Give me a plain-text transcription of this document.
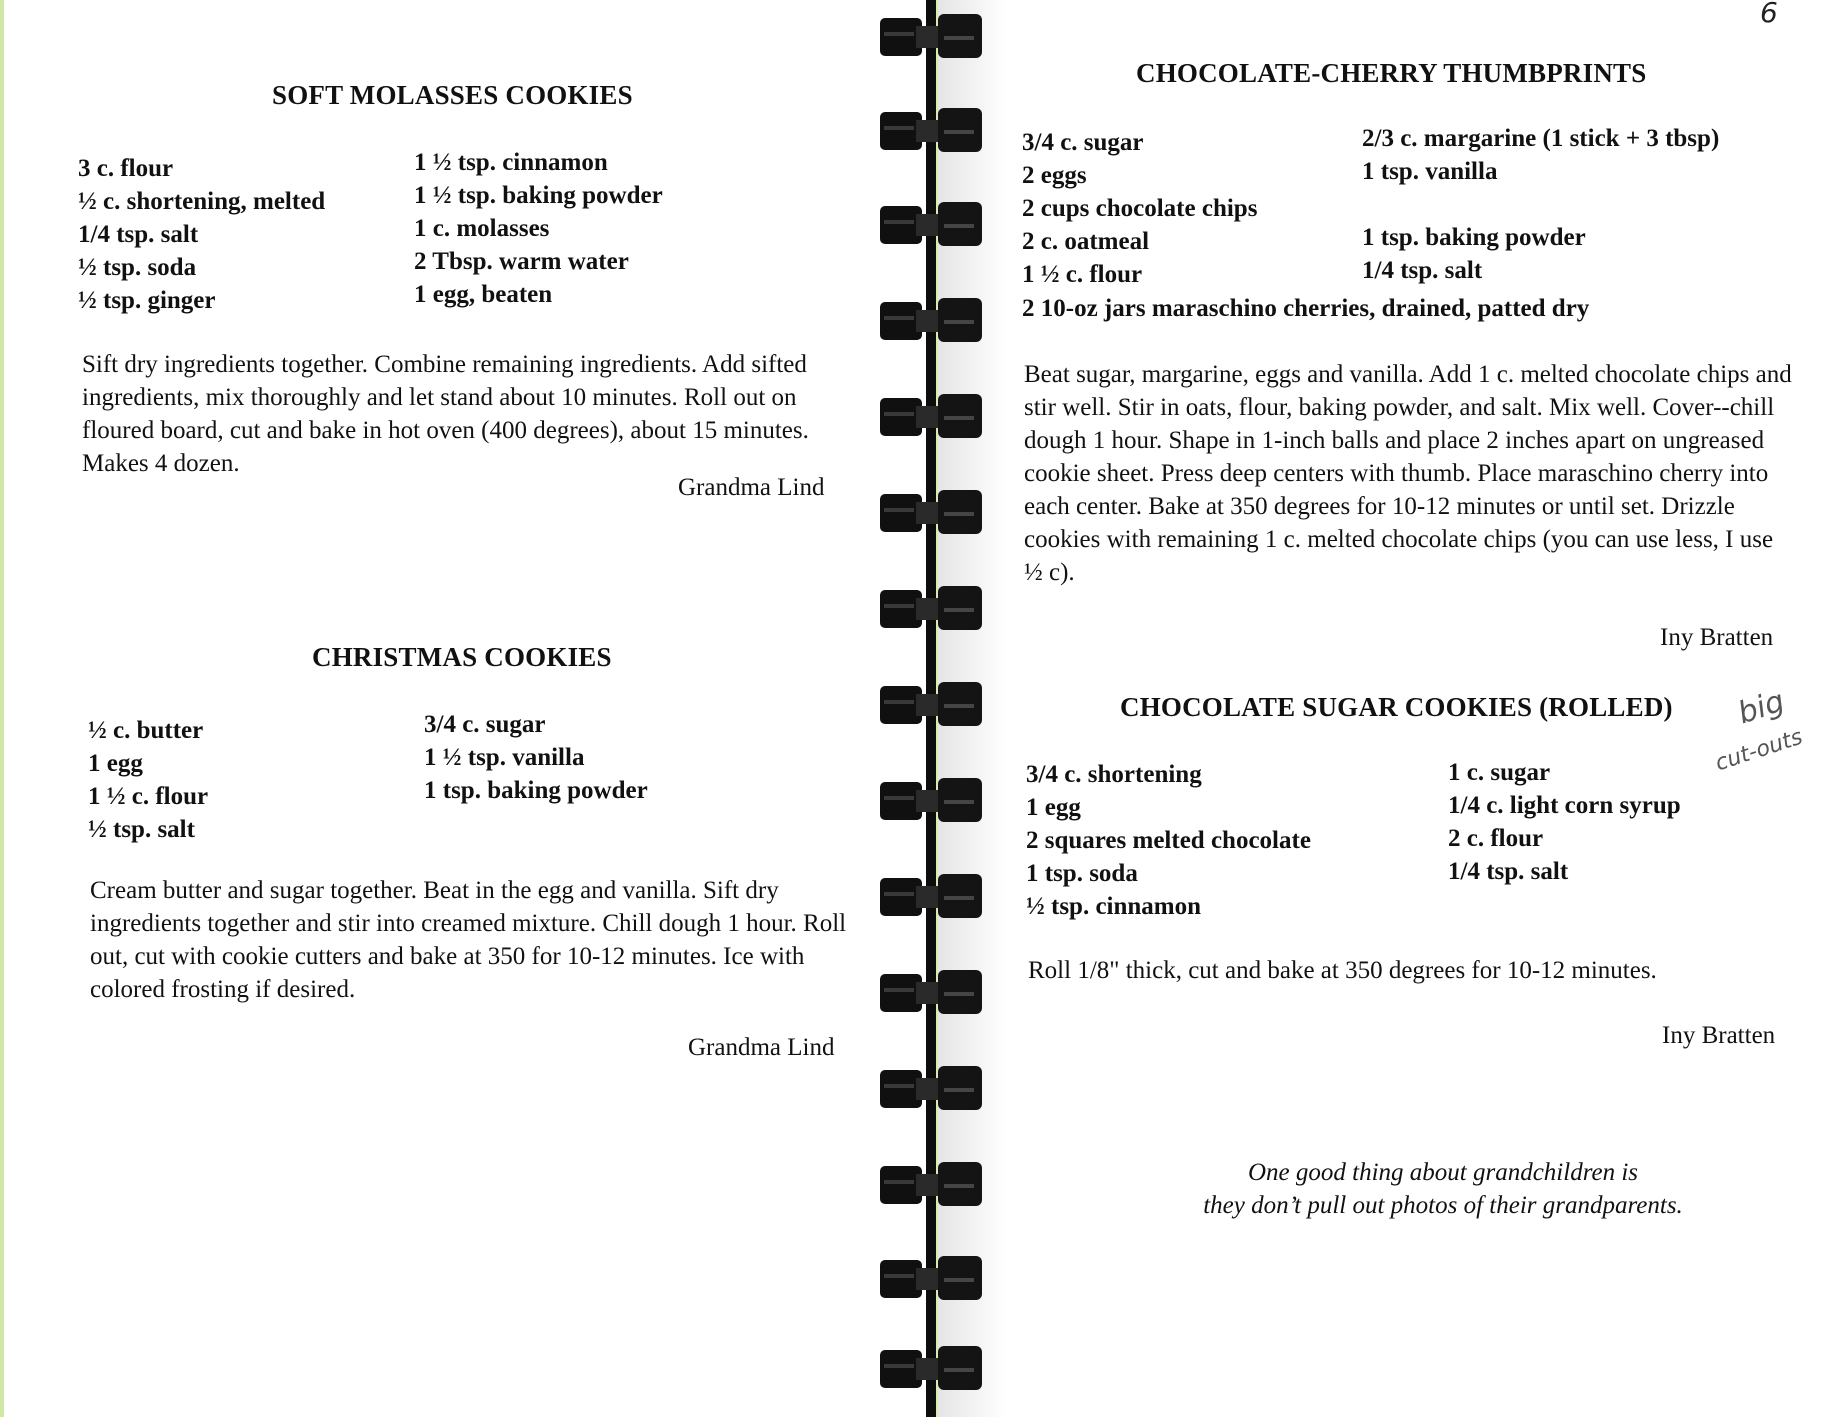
SOFT MOLASSES COOKIES
3 c. flour
½ c. shortening, melted
1/4 tsp. salt
½ tsp. soda
½ tsp. ginger
1 ½ tsp. cinnamon
1 ½ tsp. baking powder
1 c. molasses
2 Tbsp. warm water
1 egg, beaten
Sift dry ingredients together. Combine remaining ingredients. Add sifted ingredients, mix thoroughly and let stand about 10 minutes. Roll out on floured board, cut and bake in hot oven (400 degrees), about 15 minutes. Makes 4 dozen.
Grandma Lind
CHRISTMAS COOKIES
½ c. butter
1 egg
1 ½ c. flour
½ tsp. salt
3/4 c. sugar
1 ½ tsp. vanilla
1 tsp. baking powder
Cream butter and sugar together. Beat in the egg and vanilla. Sift dry ingredients together and stir into creamed mixture. Chill dough 1 hour. Roll out, cut with cookie cutters and bake at 350 for 10-12 minutes. Ice with colored frosting if desired.
Grandma Lind
6
CHOCOLATE-CHERRY THUMBPRINTS
3/4 c. sugar
2 eggs
2 cups chocolate chips
2 c. oatmeal
1 ½ c. flour
2/3 c. margarine (1 stick + 3 tbsp)
1 tsp. vanilla

1 tsp. baking powder
1/4 tsp. salt
2 10-oz jars maraschino cherries, drained, patted dry
Beat sugar, margarine, eggs and vanilla. Add 1 c. melted chocolate chips and stir well. Stir in oats, flour, baking powder, and salt. Mix well. Cover--chill dough 1 hour. Shape in 1-inch balls and place 2 inches apart on ungreased cookie sheet. Press deep centers with thumb. Place maraschino cherry into each center. Bake at 350 degrees for 10-12 minutes or until set. Drizzle cookies with remaining 1 c. melted chocolate chips (you can use less, I use ½ c).
Iny Bratten
CHOCOLATE SUGAR COOKIES (ROLLED) big
cut-outs
3/4 c. shortening
1 egg
2 squares melted chocolate
1 tsp. soda
½ tsp. cinnamon
1 c. sugar
1/4 c. light corn syrup
2 c. flour
1/4 tsp. salt
Roll 1/8" thick, cut and bake at 350 degrees for 10-12 minutes.
Iny Bratten
One good thing about grandchildren is
they don’t pull out photos of their grandparents.
